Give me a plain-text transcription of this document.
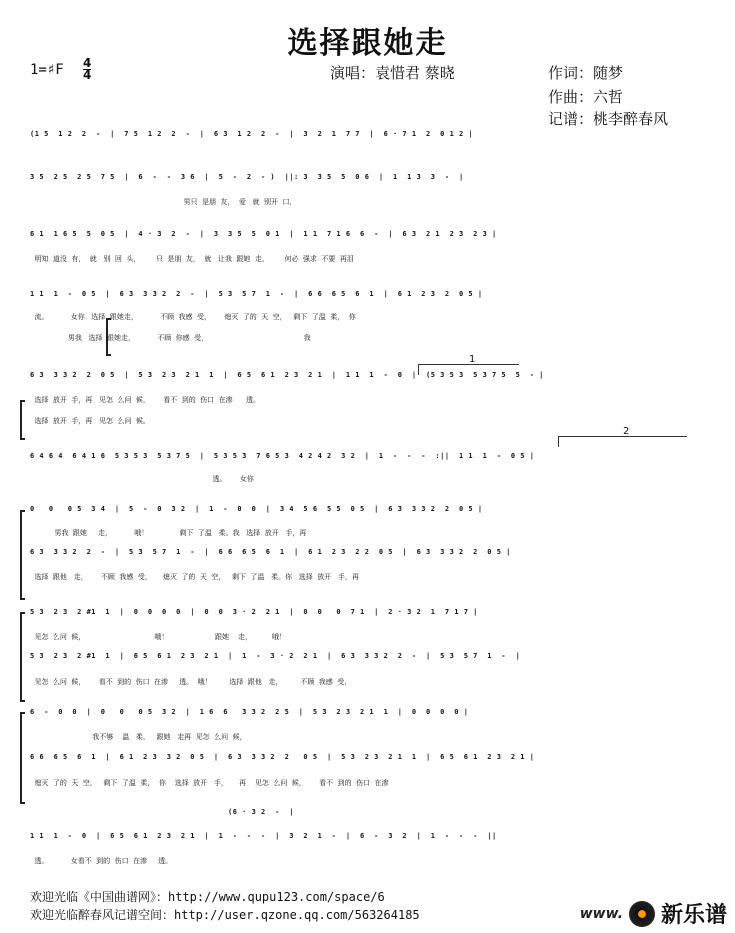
选择跟她走
1=♯F 4
4	演唱：袁惜君 蔡晓	作词：随梦
作曲：六哲
记谱：桃李醉春风
1
2
(1 5  1 2  2  -  |  7 5  1 2  2  -  |  6 3  1 2  2  -  |  3  2  1  7 7  |  6 · 7 1  2  0 1 2 |
3 5  2 5  2 5  7 5  |  6  -  -  3 6  |  5  -  2  - )  ||: 3  3 5  5  0 6  |  1  1 3  3  -  |
男只  是朋  友，  爱   就  别开  口，
6 1  1 6 5  5  0 5  |  4 · 3  2  -  |  3  3 5  5  0 1  |  1 1  7 1 6  6  -  |  6 3  2 1  2 3  2 3 |
明知  道没  有，  就   别  回  头，       只  是朋  友，  就   让我  跟她  走，       何必  强求  不要  再泪
1 1  1  -  0 5  |  6 3  3 3 2  2  -  |  5 3  5 7  1  -  |  6 6  6 5  6  1  |  6 1  2 3  2  0 5 |
流。          女你   选择  跟她走，          不顾  我感  受，      熄灭  了的  天  空，   剩下  了温  柔，  你
男我   选择  跟她走，          不顾  你感  受，                                           我
6 3  3 3 2  2  0 5  |  5 3  2 3  2 1  1  |  6 5  6 1  2 3  2 1  |  1 1  1  -  0  |  (5 3 5 3  5 3 7 5  5  - |
选择  放开  手，再   见怎  么问  候，      看不  到的  伤口  在渗      透。
选择  放开  手，再   见怎  么问  候。
6 4 6 4  6 4 1 6  5 3 5 3  5 3 7 5  |  5 3 5 3  7 6 5 3  4 2 4 2  3 2  |  1  -  -  -  :||  1 1  1  -  0 5 |
透。      女你
0   0   0 5  3 4  |  5  -  0  3 2  |  1  -  0  0  |  3 4  5 6  5 5  0 5  |  6 3  3 3 2  2  0 5 |
男我  跟她     走，          哦！              剩下  了温   柔。我   选择  放开   手，再
6 3  3 3 2  2  -  |  5 3  5 7  1  -  |  6 6  6 5  6  1  |  6 1  2 3  2 2  0 5  |  6 3  3 3 2  2  0 5 |
选择  跟他   走，      不顾  我感  受，     熄灭  了的  天  空，   剩下  了温   柔。你   选择  放开   手，再
5 3  2 3  2 #1  1  |  0  0  0  0  |  0  0  3 · 2  2 1  |  0  0   0  7 1  |  2 · 3 2  1  7 1 7 |
见怎  么问  候，                               哦！                     跟她    走，         哦！
5 3  2 3  2 #1  1  |  6 5  6 1  2 3  2 1  |  1  -  3 · 2  2 1  |  6 3  3 3 2  2  -  |  5 3  5 7  1  -  |
见怎  么问  候，      看不  到的  伤口  在渗     透。  哦！        选择  跟他   走，        不顾  我感  受，
6  -  0  0  |  0   0   0 5  3 2  |  1 6  6   3 3 2  2 5  |  5 3  2 3  2 1  1  |  0  0  0  0 |
我不够    温   柔，   跟她   走再  见怎  么问  候，
6 6  6 5  6  1  |  6 1  2 3  3 2  0 5  |  6 3  3 3 2  2   0 5  |  5 3  2 3  2 1  1  |  6 5  6 1  2 3  2 1 |
熄灭  了的  天  空，   剩下  了温  柔，  你    选择  放开   手，     再    见怎  么问  候，      看不  到的  伤口  在渗
(6 · 3 2  -  |
1 1  1  -  0  |  6 5  6 1  2 3  2 1  |  1  -  -  -  |  3  2  1  -  |  6  -  3  2  |  1  -  -  -  ||
透。          女看不  到的  伤口  在渗     透。
欢迎光临《中国曲谱网》：http://www.qupu123.com/space/6
欢迎光临醉春风记谱空间：http://user.qzone.qq.com/563264185	www. 新乐谱
